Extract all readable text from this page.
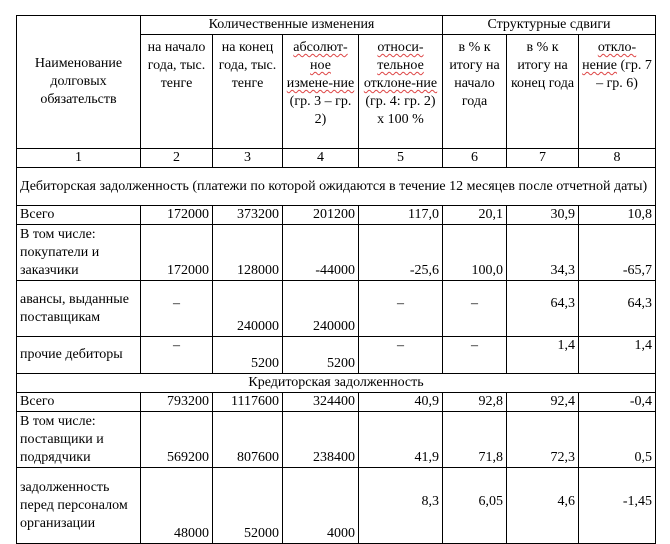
Наименование долговых обязательств	Количественные изменения				Структурные сдвиги		
	на начало года, тыс. тенге	на конец года, тыс. тенге	абсолют-ное измене-ние (гр. 3 – гр. 2)	относи-тельное отклоне-ние (гр. 4: гр. 2) х 100 %	в % к итогу на начало года	в % к итогу на конец года	откло-нение (гр. 7 – гр. 6)
1	2	3	4	5	6	7	8
Дебиторская задолженность (платежи по которой ожидаются в течение 12 месяцев после отчетной даты)							
Всего	172000	373200	201200	117,0	20,1	30,9	10,8
В том числе: покупатели и заказчики	172000	128000	-44000	-25,6	100,0	34,3	-65,7
авансы, выданные поставщикам	–	240000	240000	–	–	64,3	64,3
прочие дебиторы	–	5200	5200	–	–	1,4	1,4
Кредиторская задолженность							
Всего	793200	1117600	324400	40,9	92,8	92,4	-0,4
В том числе: поставщики и подрядчики	569200	807600	238400	41,9	71,8	72,3	0,5
задолженность перед персоналом организации	48000	52000	4000	8,3	6,05	4,6	-1,45
